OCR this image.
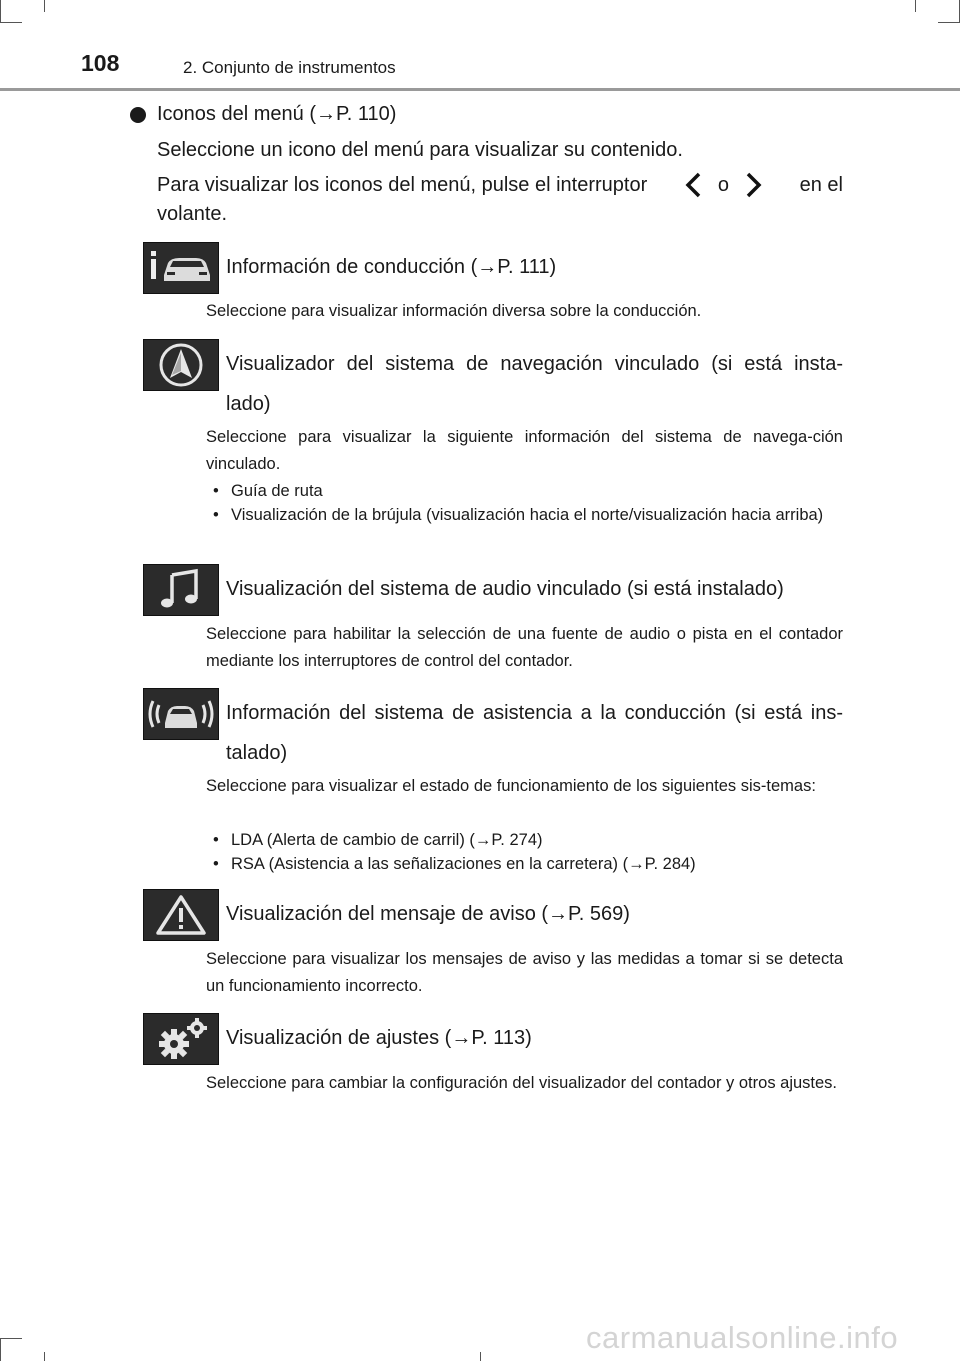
108	2. Conjunto de instrumentos
Iconos del menú (→P. 110)
Seleccione un icono del menú para visualizar su contenido.
Para visualizar los iconos del menú, pulse el interruptor	o	en el
volante.
Información de conducción (→P. 111)
Seleccione para visualizar información diversa sobre la conducción.
Visualizador del sistema de navegación vinculado (si está insta-
lado)
Seleccione para visualizar la siguiente información del sistema de navega-ción vinculado.
• Guía de ruta
• Visualización de la brújula (visualización hacia el norte/visualización hacia arriba)
Visualización del sistema de audio vinculado (si está instalado)
Seleccione para habilitar la selección de una fuente de audio o pista en el contador mediante los interruptores de control del contador.
Información del sistema de asistencia a la conducción (si está ins-
talado)
Seleccione para visualizar el estado de funcionamiento de los siguientes sis-temas:
• LDA (Alerta de cambio de carril) (→P. 274)
• RSA (Asistencia a las señalizaciones en la carretera) (→P. 284)
Visualización del mensaje de aviso (→P. 569)
Seleccione para visualizar los mensajes de aviso y las medidas a tomar si se detecta un funcionamiento incorrecto.
Visualización de ajustes (→P. 113)
Seleccione para cambiar la configuración del visualizador del contador y otros ajustes.
carmanualsonline.info
